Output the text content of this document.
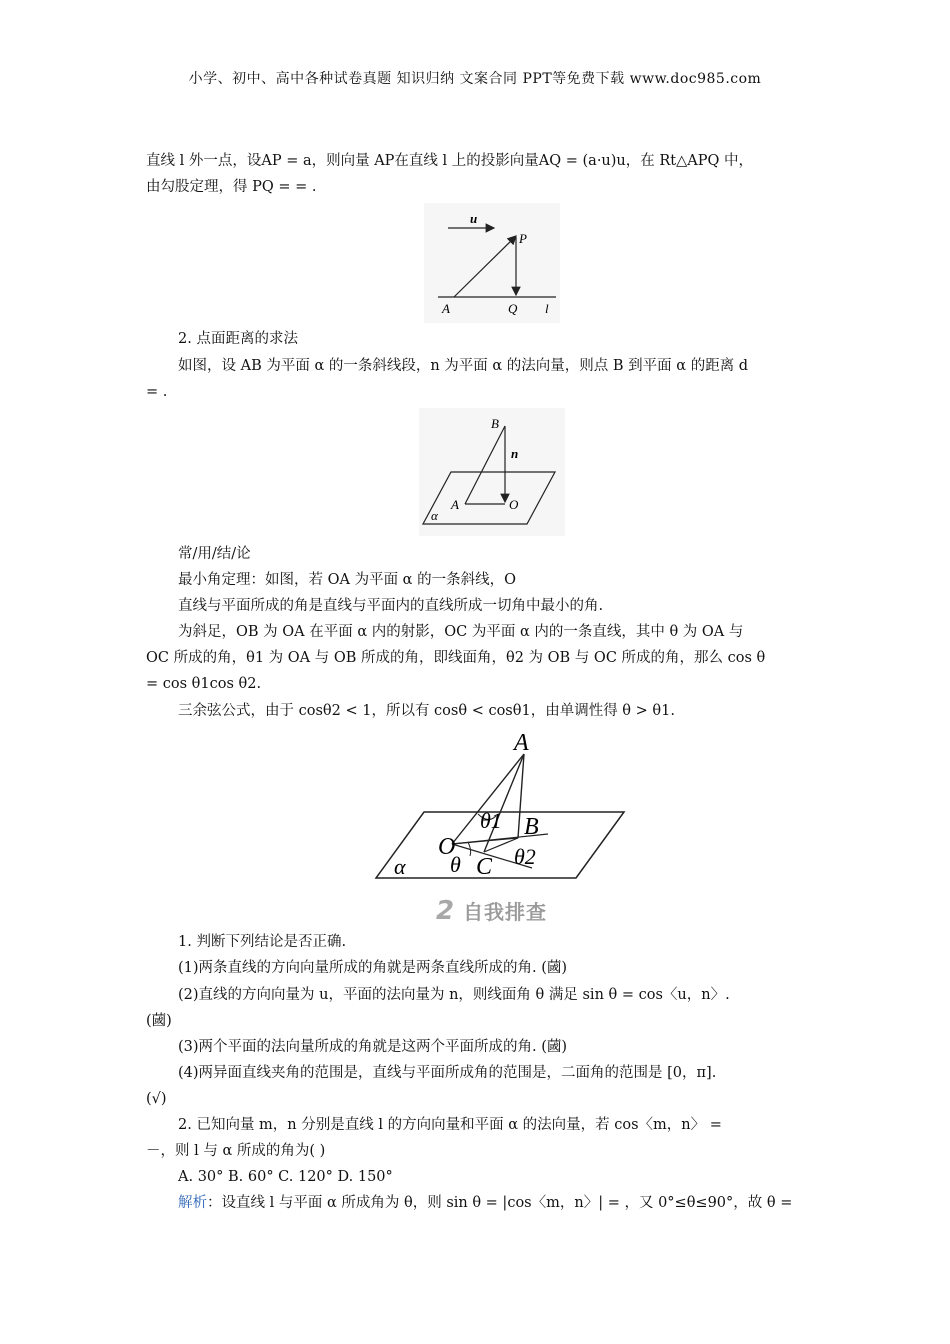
小学、初中、高中各种试卷真题 知识归纳 文案合同 PPT等免费下载 www.doc985.com
直线 l 外一点，设AP = a，则向量 AP在直线 l 上的投影向量AQ = (a·u)u，在 Rt△APQ 中，
由勾股定理，得 PQ = = .
u
P
A	Q l
2. 点面距离的求法
如图，设 AB 为平面 α 的一条斜线段，n 为平面 α 的法向量，则点 B 到平面 α 的距离 d
= .
B
n
A	O
α
常/用/结/论
最小角定理：如图，若 OA 为平面 α 的一条斜线，O
直线与平面所成的角是直线与平面内的直线所成一切角中最小的角.
为斜足，OB 为 OA 在平面 α 内的射影，OC 为平面 α 内的一条直线，其中 θ 为 OA 与
OC 所成的角，θ1 为 OA 与 OB 所成的角，即线面角，θ2 为 OB 与 OC 所成的角，那么 cos θ
= cos θ1cos θ2.
三余弦公式，由于 cosθ2 < 1，所以有 cosθ < cosθ1，由单调性得 θ > θ1.
A
θ1 B
O
θ C θ2
α
2 自我排查
1. 判断下列结论是否正确.
(1)两条直线的方向向量所成的角就是两条直线所成的角. (蔮)
(2)直线的方向向量为 u，平面的法向量为 n，则线面角 θ 满足 sin θ = cos〈u，n〉.
(蔮)
(3)两个平面的法向量所成的角就是这两个平面所成的角. (蔮)
(4)两异面直线夹角的范围是，直线与平面所成角的范围是，二面角的范围是 [0，π].
(√)
2. 已知向量 m，n 分别是直线 l 的方向向量和平面 α 的法向量，若 cos〈m，n〉 =
－，则 l 与 α 所成的角为( )
A. 30° B. 60° C. 120° D. 150°
解析：设直线 l 与平面 α 所成角为 θ，则 sin θ = |cos〈m，n〉| = ，又 0°≤θ≤90°，故 θ =
